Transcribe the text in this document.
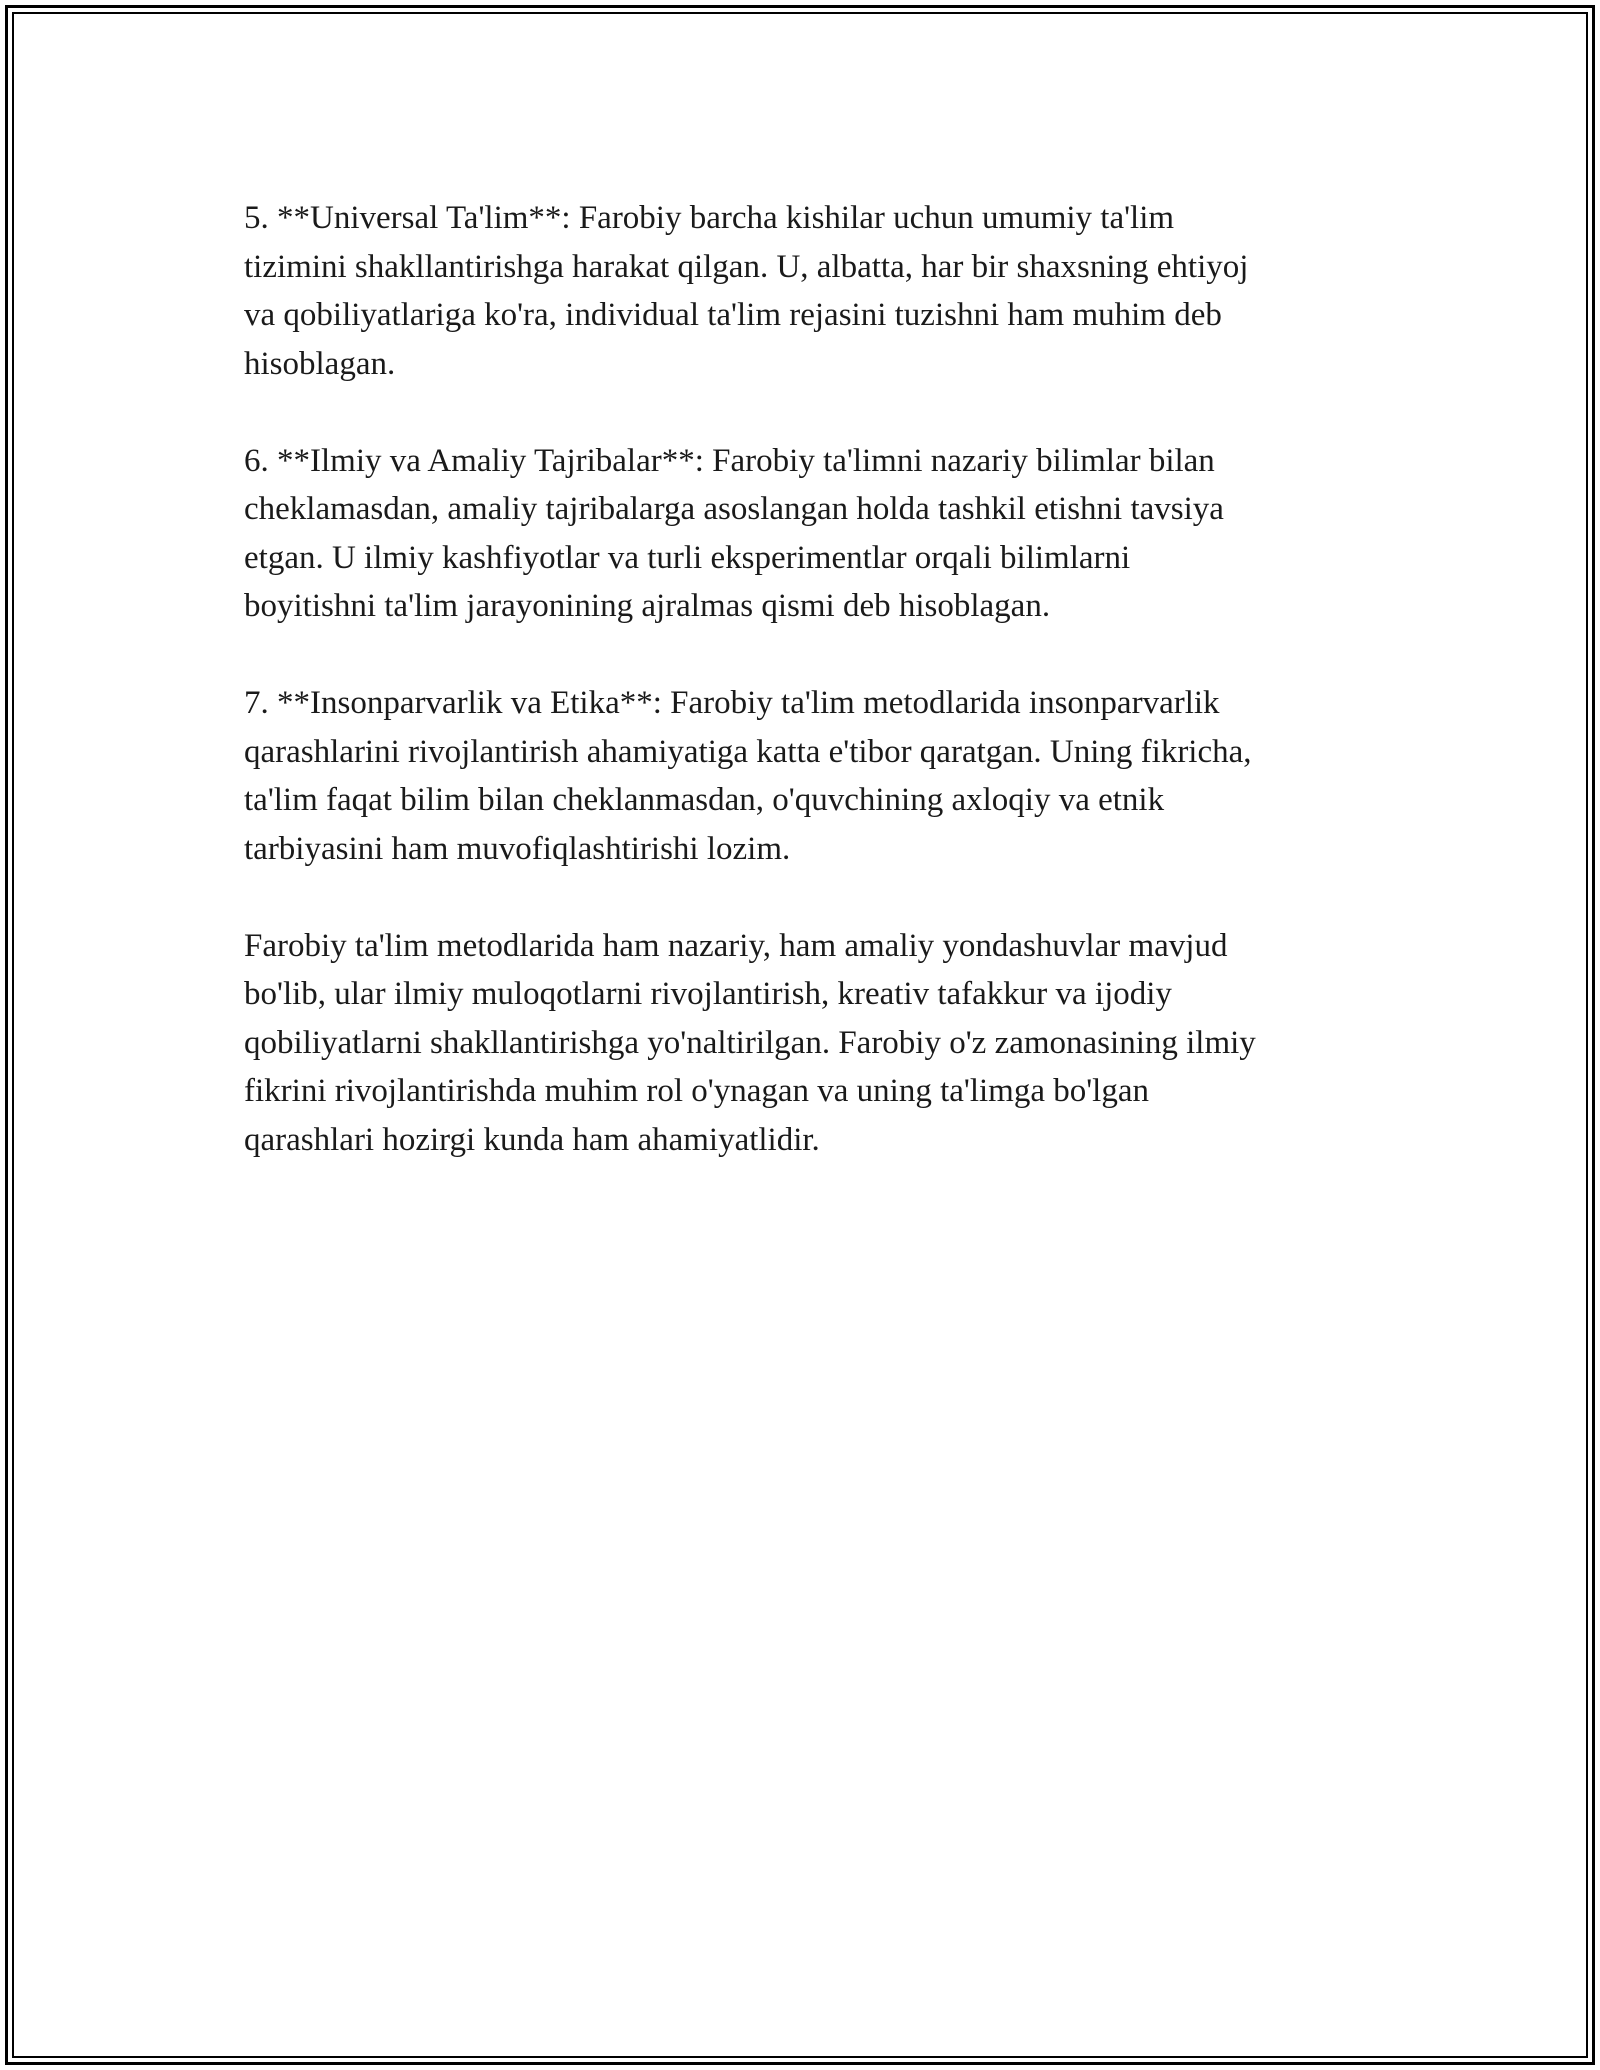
5. **Universal Ta'lim**: Farobiy barcha kishilar uchun umumiy ta'lim
tizimini shakllantirishga harakat qilgan. U, albatta, har bir shaxsning ehtiyoj
va qobiliyatlariga ko'ra, individual ta'lim rejasini tuzishni ham muhim deb
hisoblagan.

6. **Ilmiy va Amaliy Tajribalar**: Farobiy ta'limni nazariy bilimlar bilan
cheklamasdan, amaliy tajribalarga asoslangan holda tashkil etishni tavsiya
etgan. U ilmiy kashfiyotlar va turli eksperimentlar orqali bilimlarni
boyitishni ta'lim jarayonining ajralmas qismi deb hisoblagan.

7. **Insonparvarlik va Etika**: Farobiy ta'lim metodlarida insonparvarlik
qarashlarini rivojlantirish ahamiyatiga katta e'tibor qaratgan. Uning fikricha,
ta'lim faqat bilim bilan cheklanmasdan, o'quvchining axloqiy va etnik
tarbiyasini ham muvofiqlashtirishi lozim.

Farobiy ta'lim metodlarida ham nazariy, ham amaliy yondashuvlar mavjud
bo'lib, ular ilmiy muloqotlarni rivojlantirish, kreativ tafakkur va ijodiy
qobiliyatlarni shakllantirishga yo'naltirilgan. Farobiy o'z zamonasining ilmiy
fikrini rivojlantirishda muhim rol o'ynagan va uning ta'limga bo'lgan
qarashlari hozirgi kunda ham ahamiyatlidir.
